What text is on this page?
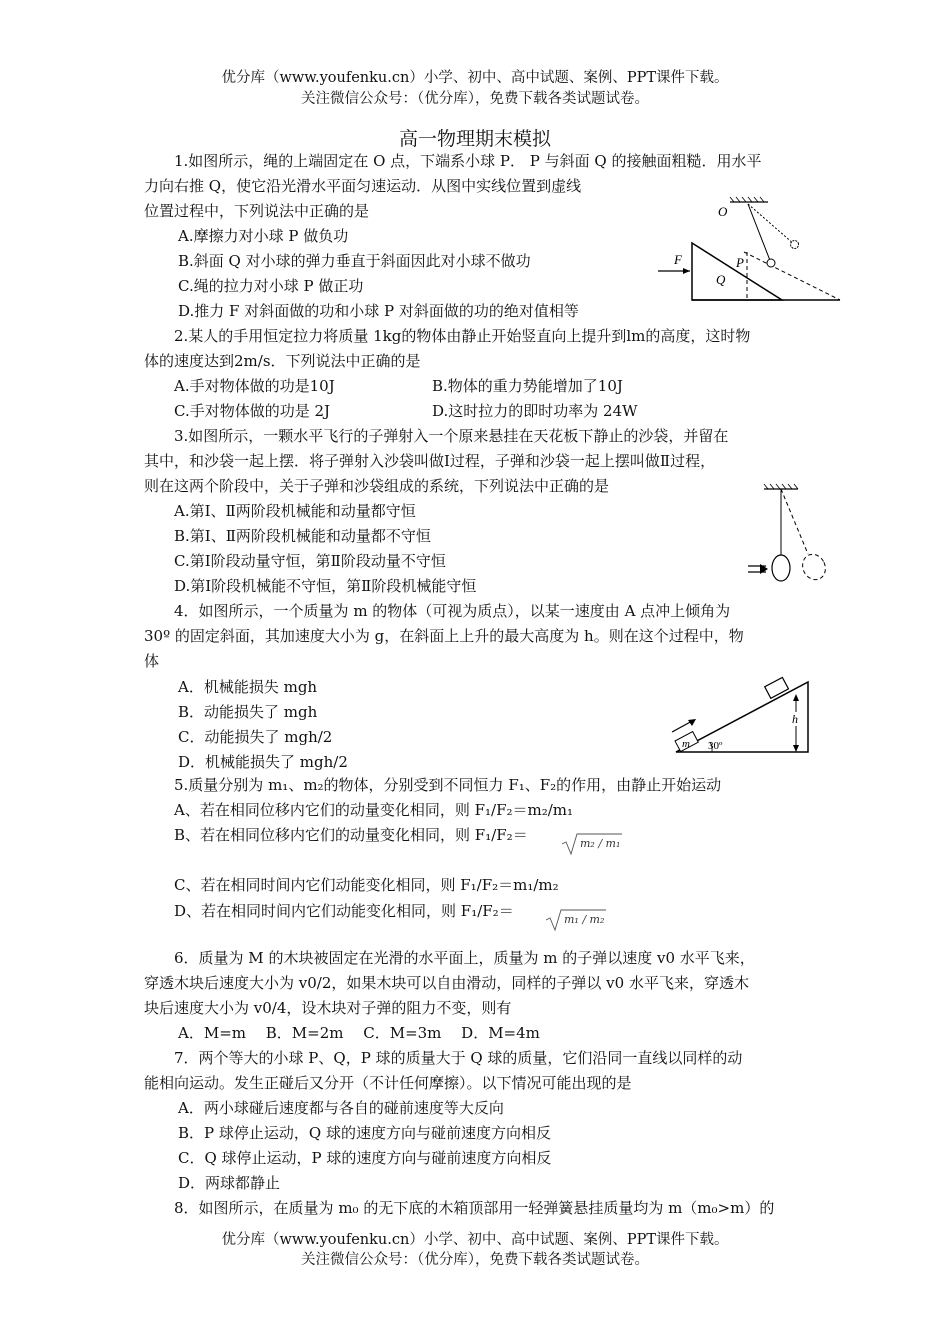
优分库（www.youfenku.cn）小学、初中、高中试题、案例、PPT课件下载。
关注微信公众号：（优分库），免费下载各类试题试卷。
高一物理期末模拟
1.如图所示，绳的上端固定在 O 点，下端系小球 P． P 与斜面 Q 的接触面粗糙．用水平
力向右推 Q，使它沿光滑水平面匀速运动．从图中实线位置到虚线
位置过程中，下列说法中正确的是
A.摩擦力对小球 P 做负功
B.斜面 Q 对小球的弹力垂直于斜面因此对小球不做功
C.绳的拉力对小球 P 做正功
D.推力 F 对斜面做的功和小球 P 对斜面做的功的绝对值相等
O
F	P
Q
2.某人的手用恒定拉力将质量 1kg的物体由静止开始竖直向上提升到lm的高度，这时物
体的速度达到2m/s．下列说法中正确的是
A.手对物体做的功是10J	B.物体的重力势能增加了10J
C.手对物体做的功是 2J	D.这时拉力的即时功率为 24W
3.如图所示，一颗水平飞行的子弹射入一个原来悬挂在天花板下静止的沙袋，并留在
其中，和沙袋一起上摆．将子弹射入沙袋叫做Ⅰ过程，子弹和沙袋一起上摆叫做Ⅱ过程，
则在这两个阶段中，关于子弹和沙袋组成的系统，下列说法中正确的是
A.第Ⅰ、Ⅱ两阶段机械能和动量都守恒
B.第Ⅰ、Ⅱ两阶段机械能和动量都不守恒
C.第Ⅰ阶段动量守恒，第Ⅱ阶段动量不守恒
D.第Ⅰ阶段机械能不守恒，第Ⅱ阶段机械能守恒
4．如图所示，一个质量为 m 的物体（可视为质点），以某一速度由 A 点冲上倾角为
30º 的固定斜面，其加速度大小为 g，在斜面上上升的最大高度为 h。则在这个过程中，物
体
A．机械能损失 mgh
B．动能损失了 mgh
C．动能损失了 mgh/2
D．机械能损失了 mgh/2
m 30º
h
5.质量分别为 m₁、m₂的物体，分别受到不同恒力 F₁、F₂的作用，由静止开始运动
A、若在相同位移内它们的动量变化相同，则 F₁/F₂＝m₂/m₁
B、若在相同位移内它们的动量变化相同，则 F₁/F₂＝	m₂ / m₁
C、若在相同时间内它们动能变化相同，则 F₁/F₂＝m₁/m₂
D、若在相同时间内它们动能变化相同，则 F₁/F₂＝	m₁ / m₂
6．质量为 M 的木块被固定在光滑的水平面上，质量为 m 的子弹以速度 v0 水平飞来，
穿透木块后速度大小为 v0/2，如果木块可以自由滑动，同样的子弹以 v0 水平飞来，穿透木
块后速度大小为 v0/4，设木块对子弹的阻力不变，则有
A．M=m　 B．M=2m　 C．M=3m　 D．M=4m
7．两个等大的小球 P、Q，P 球的质量大于 Q 球的质量，它们沿同一直线以同样的动
能相向运动。发生正碰后又分开（不计任何摩擦）。以下情况可能出现的是
A．两小球碰后速度都与各自的碰前速度等大反向
B．P 球停止运动，Q 球的速度方向与碰前速度方向相反
C．Q 球停止运动，P 球的速度方向与碰前速度方向相反
D．两球都静止
8．如图所示，在质量为 m₀ 的无下底的木箱顶部用一轻弹簧悬挂质量均为 m（m₀>m）的
优分库（www.youfenku.cn）小学、初中、高中试题、案例、PPT课件下载。
关注微信公众号：（优分库），免费下载各类试题试卷。
